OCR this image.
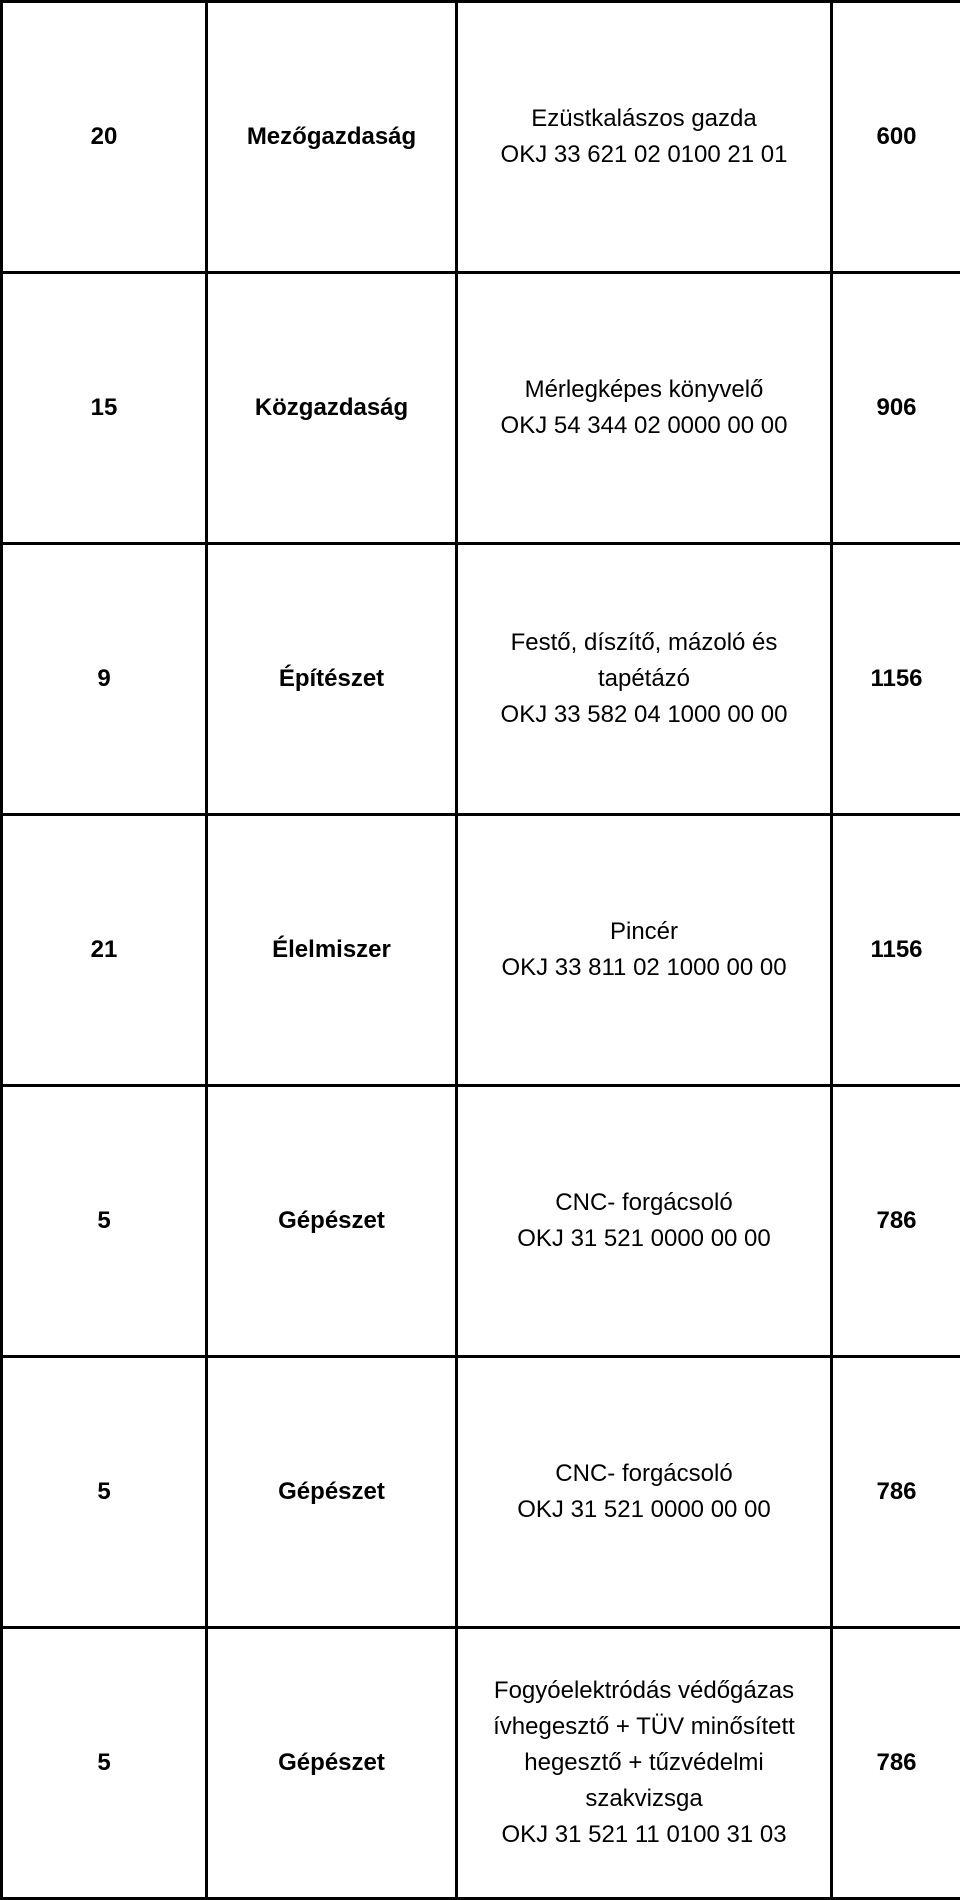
20	Mezőgazdaság	Ezüstkalászos gazda
OKJ 33 621 02 0100 21 01	600
15	Közgazdaság	Mérlegképes könyvelő
OKJ 54 344 02 0000 00 00	906
9	Építészet	Festő, díszítő, mázoló és
tapétázó
OKJ 33 582 04 1000 00 00	1156
21	Élelmiszer	Pincér
OKJ 33 811 02 1000 00 00	1156
5	Gépészet	CNC- forgácsoló
OKJ 31 521 0000 00 00	786
5	Gépészet	CNC- forgácsoló
OKJ 31 521 0000 00 00	786
5	Gépészet	Fogyóelektródás védőgázas
ívhegesztő + TÜV minősített
hegesztő + tűzvédelmi
szakvizsga
OKJ 31 521 11 0100 31 03	786
